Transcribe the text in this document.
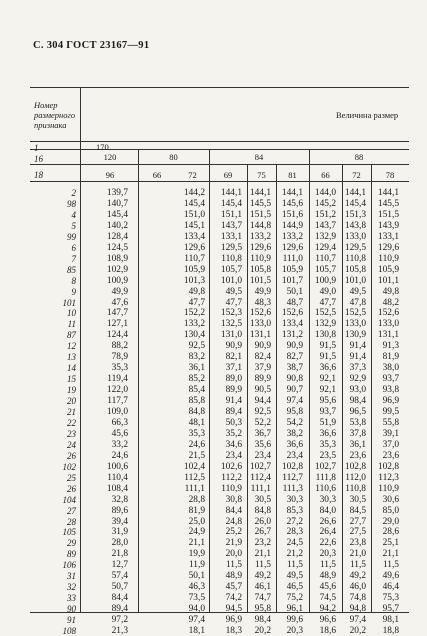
С. 304 ГОСТ 23167—91
Номер
размерного
признака
Величина размер
1
16
18
170
120	80	84	88
96	66	72	69	75	81	66	72	78
2	139,7	144,2	144,1 144,1	144,1	144,0 144,1	144,1
98	140,7	145,4	145,4 145,5	145,6	145,2 145,4	145,5
4	145,4	151,0	151,1 151,5	151,6	151,2 151,3	151,5
5	140,2	145,1	143,7 144,8	144,9	143,7 143,8	143,9
99	128,4	133,4	133,1 133,2	133,2	132,9 133,0	133,1
6	124,5	129,6	129,5 129,6	129,6	129,4 129,5	129,6
7	108,9	110,7	110,8 110,9	111,0	110,7 110,8	110,9
85	102,9	105,9	105,7 105,8	105,9	105,7 105,8	105,9
8	100,9	101,3	101,0 101,5	101,7	100,9 101,0	101,1
9	49,9	49,8	49,5	49,9	50,1	49,0	49,5	49,8
101	47,6	47,7	47,7	48,3	48,7	47,7	47,8	48,2
10	147,7	152,2	152,3 152,6	152,6	152,5 152,5	152,6
11	127,1	133,2	132,5 133,0	133,4	132,9 133,0	133,0
87	124,4	130,4	131,0 131,1	131,2	130,8 130,9	131,1
12	88,2	92,5	90,9	90,9	90,9	91,5	91,4	91,3
13	78,9	83,2	82,1	82,4	82,7	91,5	91,4	81,9
14	35,3	36,1	37,1	37,9	38,7	36,6	37,3	38,0
15	119,4	85,2	89,0	89,9	90,8	92,1	92,9	93,7
19	122,0	85,4	89,9	90,5	90,7	92,1	93,0	93,8
20	117,7	85,8	91,4	94,4	97,4	95,6	98,4	96,9
21	109,0	84,8	89,4	92,5	95,8	93,7	96,5	99,5
22	66,3	48,1	50,3	52,2	54,2	51,9	53,8	55,8
23	45,6	35,3	35,2	36,7	38,2	36,6	37,8	39,1
24	33,2	24,6	34,6	35,6	36,6	35,3	36,1	37,0
26	24,6	21,5	23,4	23,4	23,4	23,5	23,6	23,6
102	100,6	102,4	102,6 102,7	102,8	102,7 102,8	102,8
25	110,4	112,5	112,2 112,4	112,7	111,8 112,0	112,3
26	108,4	111,1	110,9 111,1	111,3	110,6 110,8	110,9
104	32,8	28,8	30,8	30,5	30,3	30,3	30,5	30,6
27	89,6	81,9	84,4	84,8	85,3	84,0	84,5	85,0
28	39,4	25,0	24,8	26,0	27,2	26,6	27,7	29,0
105	31,9	24,9	25,2	26,7	28,3	26,4	27,5	28,6
29	28,0	21,1	21,9	23,2	24,5	22,6	23,8	25,1
89	21,8	19,9	20,0	21,1	21,2	20,3	21,0	21,1
106	12,7	11,9	11,5	11,5	11,5	11,5	11,5	11,5
31	57,4	50,1	48,9	49,2	49,5	48,9	49,2	49,6
32	50,7	46,3	45,7	46,1	46,5	45,6	46,0	46,4
33	84,4	73,5	74,2	74,7	75,2	74,5	74,8	75,3
90	89,4	94,0	94,5	95,8	96,1	94,2	94,8	95,7
91	97,2	97,4	96,9	98,4	99,6	96,6	97,4	98,1
108	21,3	18,1	18,3	20,2	20,3	18,6	20,2	18,8
